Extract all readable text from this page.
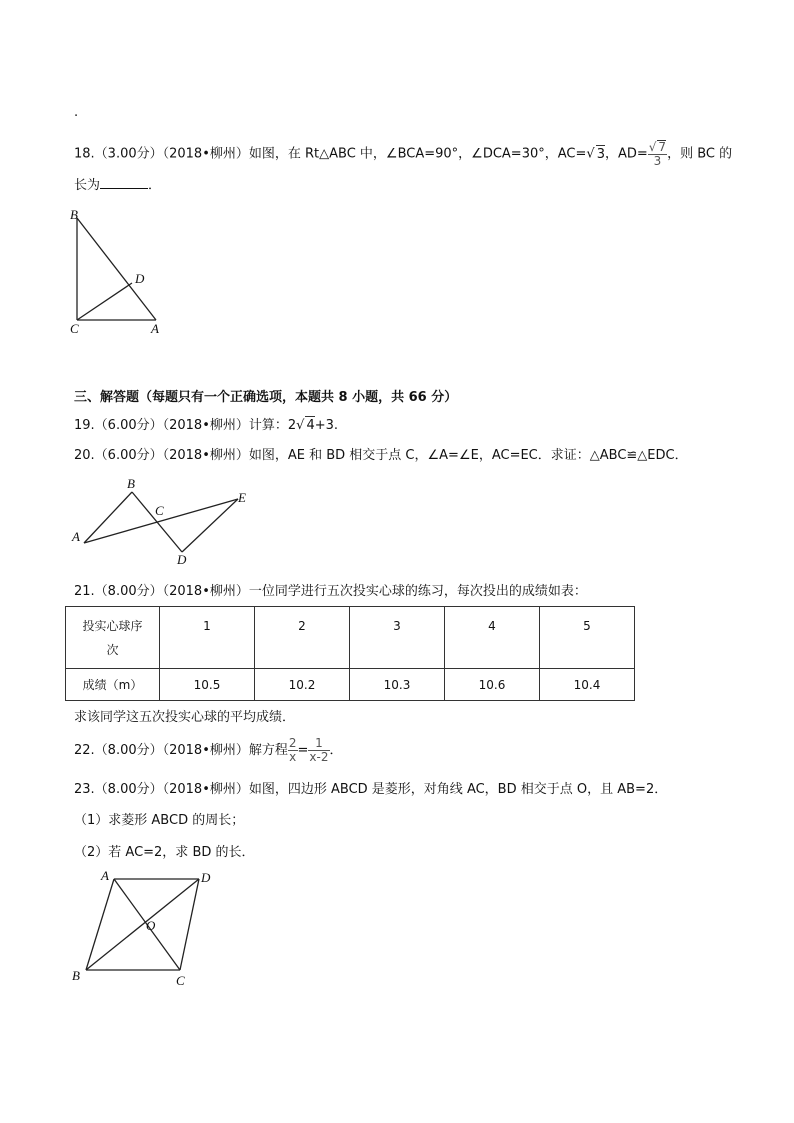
.
18.（3.00分）（2018•柳州）如图，在 Rt△ABC 中，∠BCA=90°，∠DCA=30°，AC=√ 3，$AD= \frac{√ 7}{3}$ ，则 BC 的
长为	．
B
D
C	A
三、解答题（每题只有一个正确选项，本题共 8 小题，共 66 分）
19.（6.00分）（2018•柳州）计算：2√ 4+3.
20.（6.00分）（2018•柳州）如图，AE 和 BD 相交于点 C，∠A=∠E，AC=EC．求证：△ABC≌△EDC．
A
B
C
D
E
21.（8.00分）（2018•柳州）一位同学进行五次投实心球的练习，每次投出的成绩如表：
投实心球序
次	1	2	3	4	5
成绩（m）	10.5	10.2	10.3	10.6	10.4
求该同学这五次投实心球的平均成绩．
22.（8.00分）（2018•柳州）解方程 $\frac{2}{x} = \frac{1}{x-2}$ ．
23.（8.00分）（2018•柳州）如图，四边形 ABCD 是菱形，对角线 AC，BD 相交于点 O，且 AB=2．
（1）求菱形 ABCD 的周长；
（2）若 AC=2，求 BD 的长．
A	D
O
B	C
